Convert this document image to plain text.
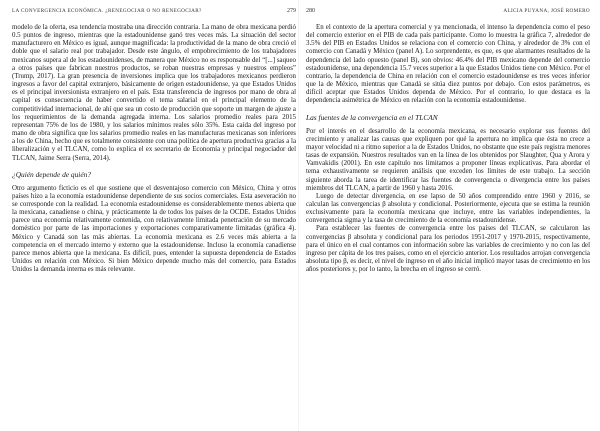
LA CONVERGENCIA ECONÓMICA. ¿RENEGOCIAR O NO RENEGOCIAR?	279

modelo de la oferta, esa tendencia mostraba una dirección contraria. La mano de obra mexicana perdió 0.5 puntos de ingreso, mientras que la estadounidense ganó tres veces más. La situación del sector manufacturero en México es igual, aunque magnificada: la productividad de la mano de obra creció el doble que el salario real por trabajador. Desde este ángulo, el empobrecimiento de los trabajadores mexicanos supera al de los estadounidenses, de manera que México no es responsable del “[...] saqueo a otros países que fabrican nuestros productos, se roban nuestras empresas y nuestros empleos” (Trump, 2017). La gran presencia de inversiones implica que los trabajadores mexicanos perdieron ingresos a favor del capital extranjero, básicamente de origen estadounidense, ya que Estados Unidos es el principal inversionista extranjero en el país. Esta transferencia de ingresos por mano de obra al capital es consecuencia de haber convertido el tema salarial en el principal elemento de la competitividad internacional, de ahí que sea un costo de producción que soporte un margen de ajuste a los requerimientos de la demanda agregada interna. Los salarios promedio reales para 2015 representan 75% de los de 1980, y los salarios mínimos reales sólo 35%. Esta caída del ingreso por mano de obra significa que los salarios promedio reales en las manufacturas mexicanas son inferiores a los de China, hecho que es totalmente consistente con una política de apertura productiva gracias a la liberalización y el TLCAN, como lo explica el ex secretario de Economía y principal negociador del TLCAN, Jaime Serra (Serra, 2014).

¿Quién depende de quién?

Otro argumento ficticio es el que sostiene que el desventajoso comercio con México, China y otros países hizo a la economía estadounidense dependiente de sus socios comerciales. Esta aseveración no se corresponde con la realidad. La economía estadounidense es considerablemente menos abierta que la mexicana, canadiense o china, y prácticamente la de todos los países de la OCDE. Estados Unidos parece una economía relativamente contenida, con relativamente limitada penetración de su mercado doméstico por parte de las importaciones y exportaciones comparativamente limitadas (gráfica 4). México y Canadá son las más abiertas. La economía mexicana es 2.6 veces más abierta a la competencia en el mercado interno y externo que la estadounidense. Incluso la economía canadiense parece menos abierta que la mexicana. Es difícil, pues, entender la supuesta dependencia de Estados Unidos en relación con México. Si bien México depende mucho más del comercio, para Estados Unidos la demanda interna es más relevante.

280	ALICIA PUYANA, JOSÉ ROMERO

En el contexto de la apertura comercial y ya mencionada, el intenso la dependencia como el peso del comercio exterior en el PIB de cada país participante. Como lo muestra la gráfica 7, alrededor de 3.5% del PIB en Estados Unidos se relaciona con el comercio con China, y alrededor de 3% con el comercio con Canadá y México (panel A). Lo sorprendente, es que, es que alarmantes resultados de la dependencia del lado opuesto (panel B), son obvios: 46.4% del PIB mexicano depende del comercio estadounidense, una dependencia 15.7 veces superior a la que Estados Unidos tiene con México. Por el contrario, la dependencia de China en relación con el comercio estadounidense es tres veces inferior que la de México, mientras que Canadá se sitúa diez puntos por debajo. Con estos parámetros, es difícil aceptar que Estados Unidos dependa de México. Por el contrario, lo que destaca es la dependencia asimétrica de México en relación con la economía estadounidense.

Las fuentes de la convergencia en el TLCAN

Por el interés en el desarrollo de la economía mexicana, es necesario explorar sus fuentes del crecimiento y analizar las causas que expliquen por qué la apertura no implica que ésta no crece a mayor velocidad ni a ritmo superior a la de Estados Unidos, no obstante que este país registra menores tasas de expansión. Nuestros resultados van en la línea de los obtenidos por Slaughter, Qua y Arora y Vamvakidis (2001). En este capítulo nos limitamos a proponer líneas explicativas. Para abordar el tema exhaustivamente se requieren análisis que exceden los límites de este trabajo. La sección siguiente aborda la tarea de identificar las fuentes de convergencia o divergencia entre los países miembros del TLCAN, a partir de 1960 y hasta 2016.

Luego de detectar divergencia, en ese lapso de 50 años comprendido entre 1960 y 2016, se calculan las convergencias β absoluta y condicional. Posteriormente, ejecuta que se estima la reunión exclusivamente para la economía mexicana que incluye, entre las variables independientes, la convergencia sigma y la tasa de crecimiento de la economía estadounidense.

Para establecer las fuentes de convergencia entre los países del TLCAN, se calcularon las convergencias β absoluta y condicional para los periodos 1951-2017 y 1970-2015, respectivamente, para el único en el cual contamos con información sobre las variables de crecimiento y no con las del ingreso per cápita de los tres países, como en el ejercicio anterior. Los resultados arrojan convergencia absoluta tipo β, es decir, el nivel de ingreso en el año inicial implicó mayor tasas de crecimiento en los años posteriores y, por lo tanto, la brecha en el ingreso se cerró.
